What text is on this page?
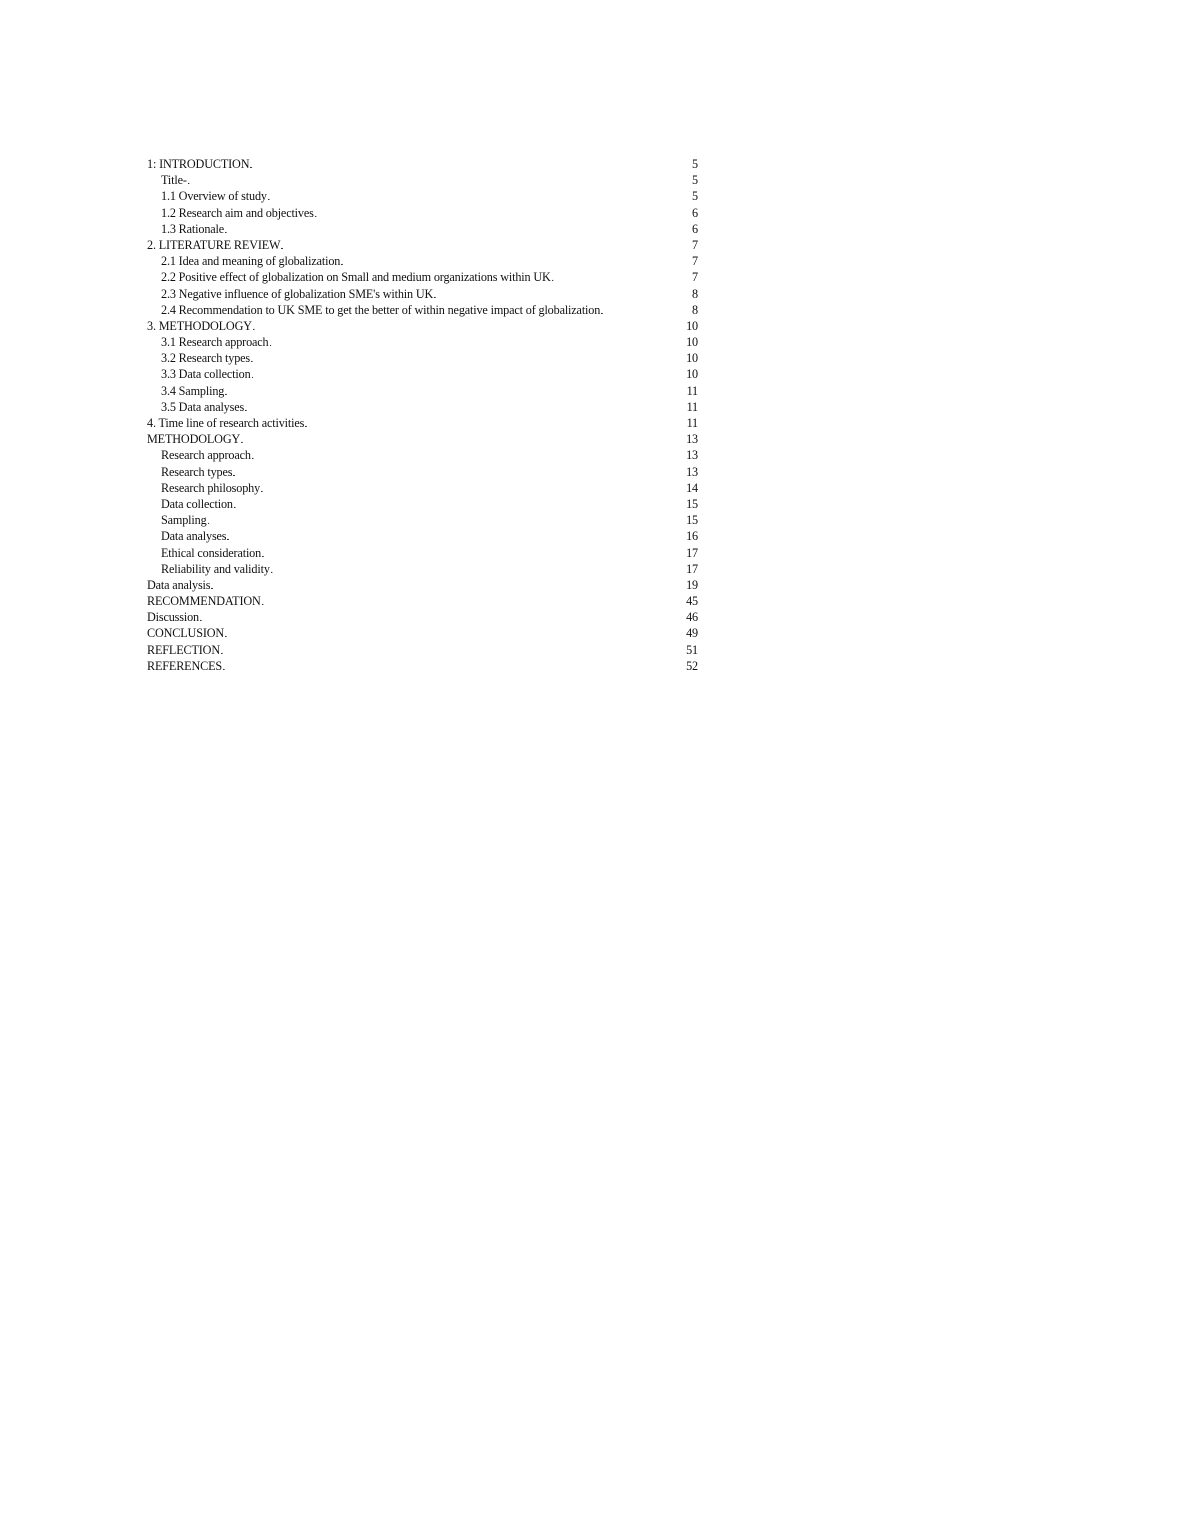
1: INTRODUCTION . . .	5
Title- . . .	5
1.1 Overview of study . . .	5
1.2 Research aim and objectives . . .	6
1.3 Rationale . . .	6
2. LITERATURE REVIEW . . .	7
2.1 Idea and meaning of globalization . . .	7
2.2 Positive effect of globalization on Small and medium organizations within UK . . .	7
2.3 Negative influence of globalization SME's within UK . . .	8
2.4 Recommendation to UK SME to get the better of within negative impact of globalization . . .	8
3. METHODOLOGY . . .	10
3.1 Research approach . . .	10
3.2 Research types . . .	10
3.3 Data collection . . .	10
3.4 Sampling . . .	11
3.5 Data analyses . . .	11
4. Time line of research activities . . .	11
METHODOLOGY . . .	13
Research approach . . .	13
Research types . . .	13
Research philosophy . . .	14
Data collection . . .	15
Sampling . . .	15
Data analyses . . .	16
Ethical consideration . . .	17
Reliability and validity . . .	17
Data analysis . . .	19
RECOMMENDATION . . .	45
Discussion . . .	46
CONCLUSION . . .	49
REFLECTION . . .	51
REFERENCES . . .	52
